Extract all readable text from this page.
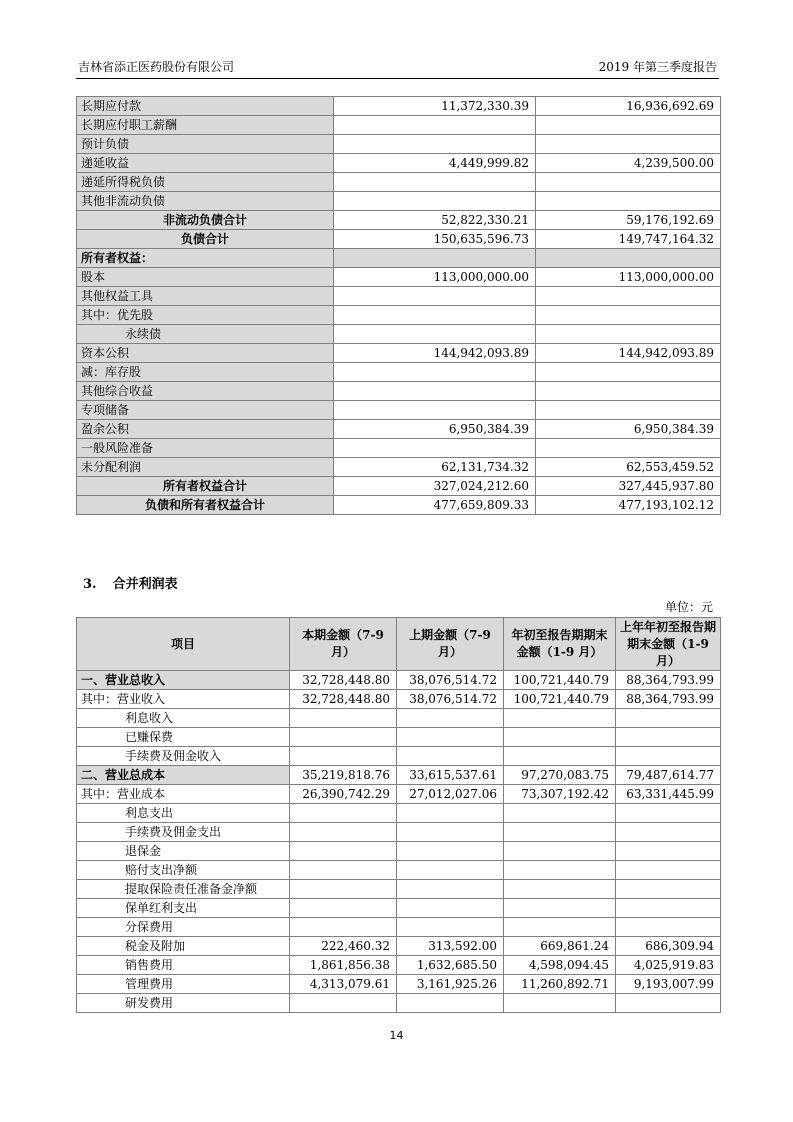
吉林省添正医药股份有限公司	2019 年第三季度报告
长期应付款	11,372,330.39	16,936,692.69
长期应付职工薪酬		
预计负债		
递延收益	4,449,999.82	4,239,500.00
递延所得税负债		
其他非流动负债		
非流动负债合计	52,822,330.21	59,176,192.69
负债合计	150,635,596.73	149,747,164.32
所有者权益：		
股本	113,000,000.00	113,000,000.00
其他权益工具		
其中：优先股		
永续债		
资本公积	144,942,093.89	144,942,093.89
减：库存股		
其他综合收益		
专项储备		
盈余公积	6,950,384.39	6,950,384.39
一般风险准备		
未分配利润	62,131,734.32	62,553,459.52
所有者权益合计	327,024,212.60	327,445,937.80
负债和所有者权益合计	477,659,809.33	477,193,102.12
3. 合并利润表
单位：元
项目	本期金额（7-9 月）	上期金额（7-9 月）	年初至报告期期末金额（1-9 月）	上年年初至报告期期末金额（1-9 月）
一、营业总收入	32,728,448.80	38,076,514.72	100,721,440.79	88,364,793.99
其中：营业收入	32,728,448.80	38,076,514.72	100,721,440.79	88,364,793.99
利息收入				
已赚保费				
手续费及佣金收入				
二、营业总成本	35,219,818.76	33,615,537.61	97,270,083.75	79,487,614.77
其中：营业成本	26,390,742.29	27,012,027.06	73,307,192.42	63,331,445.99
利息支出				
手续费及佣金支出				
退保金				
赔付支出净额				
提取保险责任准备金净额				
保单红利支出				
分保费用				
税金及附加	222,460.32	313,592.00	669,861.24	686,309.94
销售费用	1,861,856.38	1,632,685.50	4,598,094.45	4,025,919.83
管理费用	4,313,079.61	3,161,925.26	11,260,892.71	9,193,007.99
研发费用				
14
